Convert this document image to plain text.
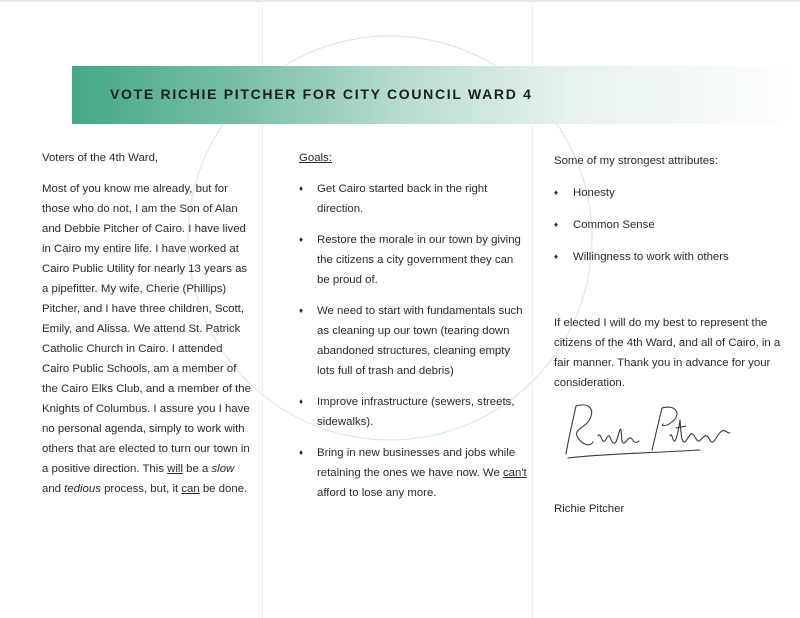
VOTE RICHIE PITCHER FOR CITY COUNCIL WARD 4

Voters of the 4th Ward,

Most of you know me already, but for those who do not, I am the Son of Alan and Debbie Pitcher of Cairo. I have lived in Cairo my entire life. I have worked at Cairo Public Utility for nearly 13 years as a pipefitter. My wife, Cherie (Phillips) Pitcher, and I have three children, Scott, Emily, and Alissa. We attend St. Patrick Catholic Church in Cairo. I attended Cairo Public Schools, am a member of the Cairo Elks Club, and a member of the Knights of Columbus. I assure you I have no personal agenda, simply to work with others that are elected to turn our town in a positive direction. This will be a slow and tedious process, but, it can be done.

Goals:

♦ Get Cairo started back in the right direction.
♦ Restore the morale in our town by giving the citizens a city government they can be proud of.
♦ We need to start with fundamentals such as cleaning up our town (tearing down abandoned structures, cleaning empty lots full of trash and debris)
♦ Improve infrastructure (sewers, streets, sidewalks).
♦ Bring in new businesses and jobs while retaining the ones we have now. We can't afford to lose any more.

Some of my strongest attributes:

♦ Honesty
♦ Common Sense
♦ Willingness to work with others

If elected I will do my best to represent the citizens of the 4th Ward, and all of Cairo, in a fair manner. Thank you in advance for your consideration.

Richie Pitcher
Richie Pitcher
